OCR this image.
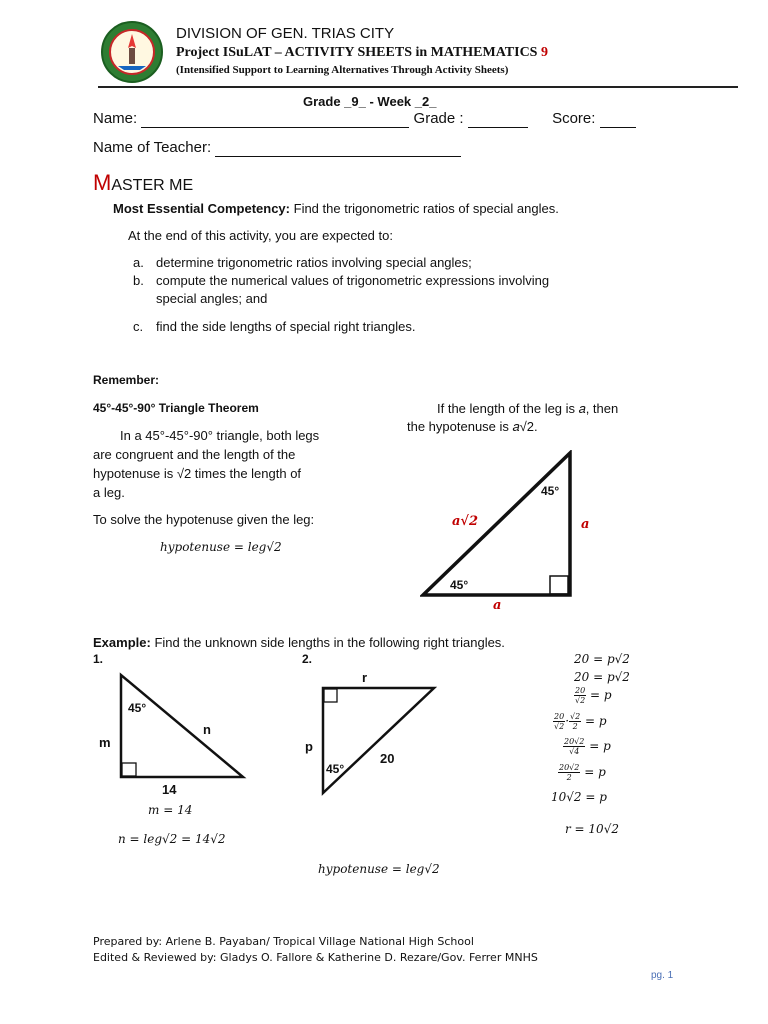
DIVISION OF GEN. TRIAS CITY
Project ISuLAT – ACTIVITY SHEETS in MATHEMATICS 9
(Intensified Support to Learning Alternatives Through Activity Sheets)
Grade _9_ - Week _2_
Name:	Grade :	Score:
Name of Teacher:
MASTER ME
Most Essential Competency: Find the trigonometric ratios of special angles.
At the end of this activity, you are expected to:
a. determine trigonometric ratios involving special angles;
b. compute the numerical values of trigonometric expressions involving
special angles; and
c. find the side lengths of special right triangles.
Remember:
45°-45°-90° Triangle Theorem
In a 45°-45°-90° triangle, both legs
are congruent and the length of the
hypotenuse is √2 times the length of
a leg.
To solve the hypotenuse given the leg:
hypotenuse = leg√2
If the length of the leg is 𝑎, then
the hypotenuse is 𝑎√2.
45°
45°
a√2	a
a
Example: Find the unknown side lengths in the following right triangles.
1.	2.
45°
m
n
14
m = 14
n = leg√2 = 14√2
r
p
45°
20
20 = p√2
20 = p√2
$\frac{20}{√2} = p$
$\frac{20}{√2} \cdot \frac{√2}{2} = p$
$\frac{20√2}{√4} = p$
$\frac{20√2}{2} = p$
10√2 = p
r = 10√2
hypotenuse = leg√2
Prepared by: Arlene B. Payaban/ Tropical Village National High School
Edited & Reviewed by: Gladys O. Fallore & Katherine D. Rezare/Gov. Ferrer MNHS
pg. 1
